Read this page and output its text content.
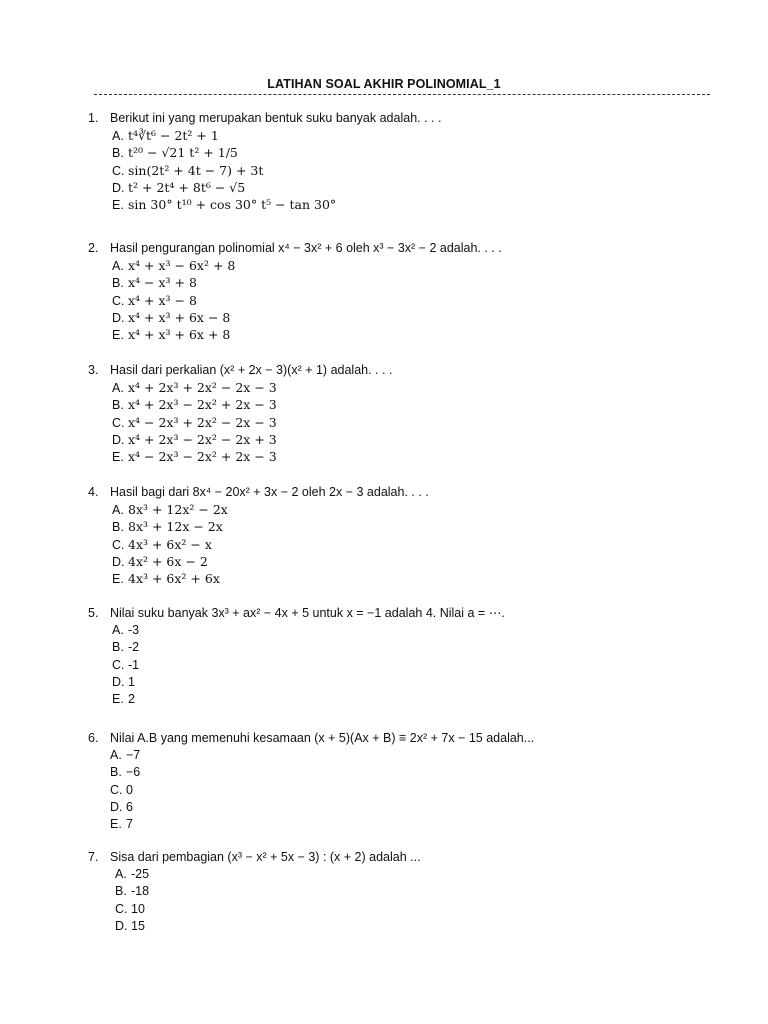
LATIHAN SOAL AKHIR POLINOMIAL_1
1. Berikut ini yang merupakan bentuk suku banyak adalah. . . .
A. t⁴∛t⁶ − 2t² + 1
B. t²⁰ − √21 t² + 1/5
C. sin(2t² + 4t − 7) + 3t
D. t² + 2t⁴ + 8t⁶ − √5
E. sin 30° t¹⁰ + cos 30° t⁵ − tan 30°
2. Hasil pengurangan polinomial x⁴ − 3x² + 6 oleh x³ − 3x² − 2 adalah. . . .
A. x⁴ + x³ − 6x² + 8
B. x⁴ − x³ + 8
C. x⁴ + x³ − 8
D. x⁴ + x³ + 6x − 8
E. x⁴ + x³ + 6x + 8
3. Hasil dari perkalian (x² + 2x − 3)(x² + 1) adalah. . . .
A. x⁴ + 2x³ + 2x² − 2x − 3
B. x⁴ + 2x³ − 2x² + 2x − 3
C. x⁴ − 2x³ + 2x² − 2x − 3
D. x⁴ + 2x³ − 2x² − 2x + 3
E. x⁴ − 2x³ − 2x² + 2x − 3
4. Hasil bagi dari 8x⁴ − 20x² + 3x − 2 oleh 2x − 3 adalah. . . .
A. 8x³ + 12x² − 2x
B. 8x³ + 12x − 2x
C. 4x³ + 6x² − x
D. 4x² + 6x − 2
E. 4x³ + 6x² + 6x
5. Nilai suku banyak 3x³ + ax² − 4x + 5 untuk x = −1 adalah 4. Nilai a = ⋯.
A. -3
B. -2
C. -1
D. 1
E. 2
6. Nilai A.B yang memenuhi kesamaan (x + 5)(Ax + B) ≡ 2x² + 7x − 15 adalah...
A. −7
B. −6
C. 0
D. 6
E. 7
7. Sisa dari pembagian (x³ − x² + 5x − 3) : (x + 2) adalah ...
A. -25
B. -18
C. 10
D. 15
